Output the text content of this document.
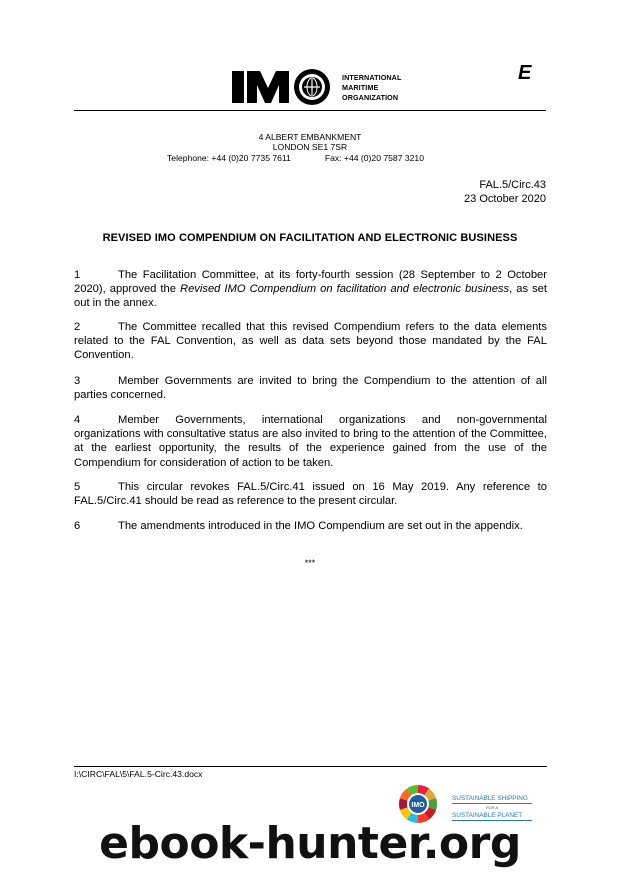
INTERNATIONAL
MARITIME
ORGANIZATION
E
4 ALBERT EMBANKMENT
LONDON SE1 7SR
Telephone: +44 (0)20 7735 7611	Fax: +44 (0)20 7587 3210
FAL.5/Circ.43
23 October 2020
REVISED IMO COMPENDIUM ON FACILITATION AND ELECTRONIC BUSINESS
1	The Facilitation Committee, at its forty-fourth session (28 September to 2 October 2020), approved the Revised IMO Compendium on facilitation and electronic business, as set out in the annex.
2	The Committee recalled that this revised Compendium refers to the data elements related to the FAL Convention, as well as data sets beyond those mandated by the FAL Convention.
3	Member Governments are invited to bring the Compendium to the attention of all parties concerned.
4	Member Governments, international organizations and non-governmental organizations with consultative status are also invited to bring to the attention of the Committee, at the earliest opportunity, the results of the experience gained from the use of the Compendium for consideration of action to be taken.
5	This circular revokes FAL.5/Circ.41 issued on 16 May 2019. Any reference to FAL.5/Circ.41 should be read as reference to the present circular.
6	The amendments introduced in the IMO Compendium are set out in the appendix.
***
I:\CIRC\FAL\5\FAL.5-Circ.43.docx
IMO
SUSTAINABLE SHIPPING
FOR A
SUSTAINABLE PLANET
ebook-hunter.org
